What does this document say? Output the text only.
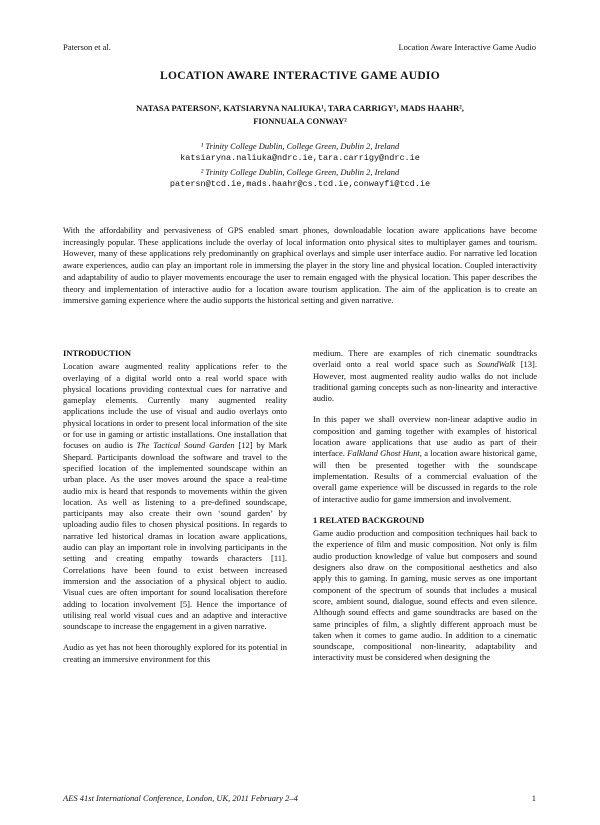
Paterson et al.	Location Aware Interactive Game Audio
LOCATION AWARE INTERACTIVE GAME AUDIO
NATASA PATERSON², KATSIARYNA NALIUKA¹, TARA CARRIGY¹, MADS HAAHR²,
FIONNUALA CONWAY²
¹ Trinity College Dublin, College Green, Dublin 2, Ireland
katsiaryna.naliuka@ndrc.ie,tara.carrigy@ndrc.ie
² Trinity College Dublin, College Green, Dublin 2, Ireland
patersn@tcd.ie,mads.haahr@cs.tcd.ie,conwayfi@tcd.ie
With the affordability and pervasiveness of GPS enabled smart phones, downloadable location aware applications have become increasingly popular. These applications include the overlay of local information onto physical sites to multiplayer games and tourism. However, many of these applications rely predominantly on graphical overlays and simple user interface audio. For narrative led location aware experiences, audio can play an important role in immersing the player in the story line and physical location. Coupled interactivity and adaptability of audio to player movements encourage the user to remain engaged with the physical location. This paper describes the theory and implementation of interactive audio for a location aware tourism application. The aim of the application is to create an immersive gaming experience where the audio supports the historical setting and given narrative.
INTRODUCTION

Location aware augmented reality applications refer to the overlaying of a digital world onto a real world space with physical locations providing contextual cues for narrative and gameplay elements. Currently many augmented reality applications include the use of visual and audio overlays onto physical locations in order to present local information of the site or for use in gaming or artistic installations. One installation that focuses on audio is The Tactical Sound Garden [12] by Mark Shepard. Participants download the software and travel to the specified location of the implemented soundscape within an urban place. As the user moves around the space a real-time audio mix is heard that responds to movements within the given location. As well as listening to a pre-defined soundscape, participants may also create their own ‘sound garden’ by uploading audio files to chosen physical positions. In regards to narrative led historical dramas in location aware applications, audio can play an important role in involving participants in the setting and creating empathy towards characters [11]. Correlations have been found to exist between increased immersion and the association of a physical object to audio. Visual cues are often important for sound localisation therefore adding to location involvement [5]. Hence the importance of utilising real world visual cues and an adaptive and interactive soundscape to increase the engagement in a given narrative.

Audio as yet has not been thoroughly explored for its potential in creating an immersive environment for this

medium. There are examples of rich cinematic soundtracks overlaid onto a real world space such as SoundWalk [13]. However, most augmented reality audio walks do not include traditional gaming concepts such as non-linearity and interactive audio.

In this paper we shall overview non-linear adaptive audio in composition and gaming together with examples of historical location aware applications that use audio as part of their interface. Falkland Ghost Hunt, a location aware historical game, will then be presented together with the soundscape implementation. Results of a commercial evaluation of the overall game experience will be discussed in regards to the role of interactive audio for game immersion and involvement.

1 RELATED BACKGROUND

Game audio production and composition techniques hail back to the experience of film and music composition. Not only is film audio production knowledge of value but composers and sound designers also draw on the compositional aesthetics and also apply this to gaming. In gaming, music serves as one important component of the spectrum of sounds that includes a musical score, ambient sound, dialogue, sound effects and even silence. Although sound effects and game soundtracks are based on the same principles of film, a slightly different approach must be taken when it comes to game audio. In addition to a cinematic soundscape, compositional non-linearity, adaptability and interactivity must be considered when designing the

AES 41st International Conference, London, UK, 2011 February 2–4	1
